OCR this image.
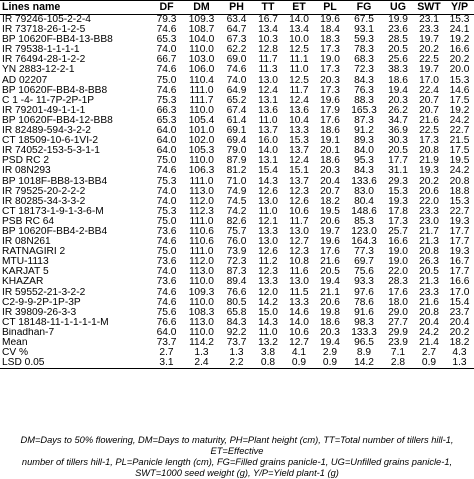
Lines name	DF	DM	PH	TT	ET	PL	FG	UG	SWT	Y/P
IR 79246-105-2-2-4	79.3	109.3	63.4	16.7	14.0	19.6	67.5	19.9	23.1	15.3
IR 73718-26-1-2-5	74.6	108.7	64.7	13.4	13.4	18.4	93.1	23.6	23.3	24.1
BP 10620F-BB4-13-BB8	65.3	104.0	67.3	10.3	10.0	18.3	59.3	28.5	19.7	19.2
IR 79538-1-1-1-1	74.0	110.0	62.2	12.8	12.5	17.3	78.3	20.5	20.2	16.6
IR 76494-28-1-2-2	66.7	103.0	69.0	11.7	11.1	19.0	68.3	25.6	22.5	20.2
YN 2883-12-2-1	74.6	106.0	74.6	11.3	11.0	17.3	72.3	38.3	19.7	20.0
AD 02207	75.0	110.4	74.0	13.0	12.5	20.3	84.3	18.6	17.0	15.3
BP 10620F-BB4-8-BB8	74.6	111.0	64.9	12.4	11.7	17.3	76.3	19.4	22.4	14.6
C 1 -4- 11-7P-2P-1P	75.3	111.7	65.2	13.1	12.4	19.6	88.3	20.3	20.7	17.5
IR 79201-49-1-1-1	66.3	110.0	67.4	13.6	13.6	17.9	165.3	26.2	20.7	19.2
BP 10620F-BB4-12-BB8	65.3	105.4	61.4	11.0	10.4	17.6	87.3	34.7	21.6	24.2
IR 82489-594-3-2-2	64.0	101.0	69.1	13.7	13.3	18.6	91.2	36.9	22.5	22.7
CT 18509-10-6-1VI-2	64.0	102.0	69.4	16.0	15.3	19.1	89.3	30.3	17.3	21.5
IR 74052-153-5-3-1-1	64.0	105.3	79.0	14.0	13.7	20.1	84.0	20.5	20.8	17.5
PSD RC 2	75.0	110.0	87.9	13.1	12.4	18.6	95.3	17.7	21.9	19.5
IR 08N293	74.6	106.3	81.2	15.4	15.1	20.3	84.3	31.1	19.3	24.2
BP 1018F-BB8-13-BB4	75.3	111.0	71.0	14.3	13.7	20.4	133.6	29.3	20.2	20.8
IR 79525-20-2-2-2	74.0	113.0	74.9	12.6	12.3	20.7	83.0	15.3	20.6	18.8
IR 80285-34-3-3-2	74.0	112.0	74.5	13.0	12.6	18.2	80.4	19.3	22.0	15.3
CT 18173-1-9-1-3-6-M	75.3	112.3	74.2	11.0	10.6	19.5	148.6	17.8	23.3	22.7
PSB RC 64	75.0	111.0	82.6	12.1	11.7	20.6	85.3	17.3	23.0	19.3
BP 10620F-BB4-2-BB4	73.6	110.6	75.7	13.3	13.0	19.7	123.0	25.7	21.7	17.7
IR 08N261	74.6	110.6	76.0	13.0	12.7	19.6	164.3	16.6	21.3	17.7
RATNAGIRI 2	75.0	111.0	73.9	12.6	12.3	17.6	77.3	19.0	20.8	19.3
MTU-1113	73.6	112.0	72.3	11.2	10.8	21.6	69.7	19.0	26.3	16.7
KARJAT 5	74.0	113.0	87.3	12.3	11.6	20.5	75.6	22.0	20.5	17.7
KHAZAR	73.6	110.0	89.4	13.3	13.0	19.4	93.3	28.3	21.3	16.6
IR 59552-21-3-2-2	74.6	109.3	76.6	12.0	11.5	21.1	97.6	17.6	23.3	17.0
C2-9-9-2P-1P-3P	74.6	110.0	80.5	14.2	13.3	20.6	78.6	18.0	21.6	15.4
IR 39809-26-3-3	75.6	108.3	65.8	15.0	14.6	19.8	91.6	29.0	20.8	23.7
CT 18148-11-1-1-1-1-M	76.6	113.0	84.3	14.3	14.0	18.6	98.3	27.7	20.4	20.4
Binadhan-7	64.0	110.0	92.2	11.0	10.6	20.3	133.3	29.9	24.2	20.2
Mean	73.7	114.2	73.7	13.2	12.7	19.4	96.5	23.9	21.4	18.2
CV %	2.7	1.3	1.3	3.8	4.1	2.9	8.9	7.1	2.7	4.3
LSD 0.05	3.1	2.4	2.2	0.8	0.9	0.9	14.2	2.8	0.9	1.3
DM=Days to 50% flowering, DM=Days to maturity, PH=Plant height (cm), TT=Total number of tillers hill-1, ET=Effective
number of tillers hill-1, PL=Panicle length (cm), FG=Filled grains panicle-1, UG=Unfilled grains panicle-1,
SWT=1000 seed weight (g), Y/P=Yield plant-1 (g)
